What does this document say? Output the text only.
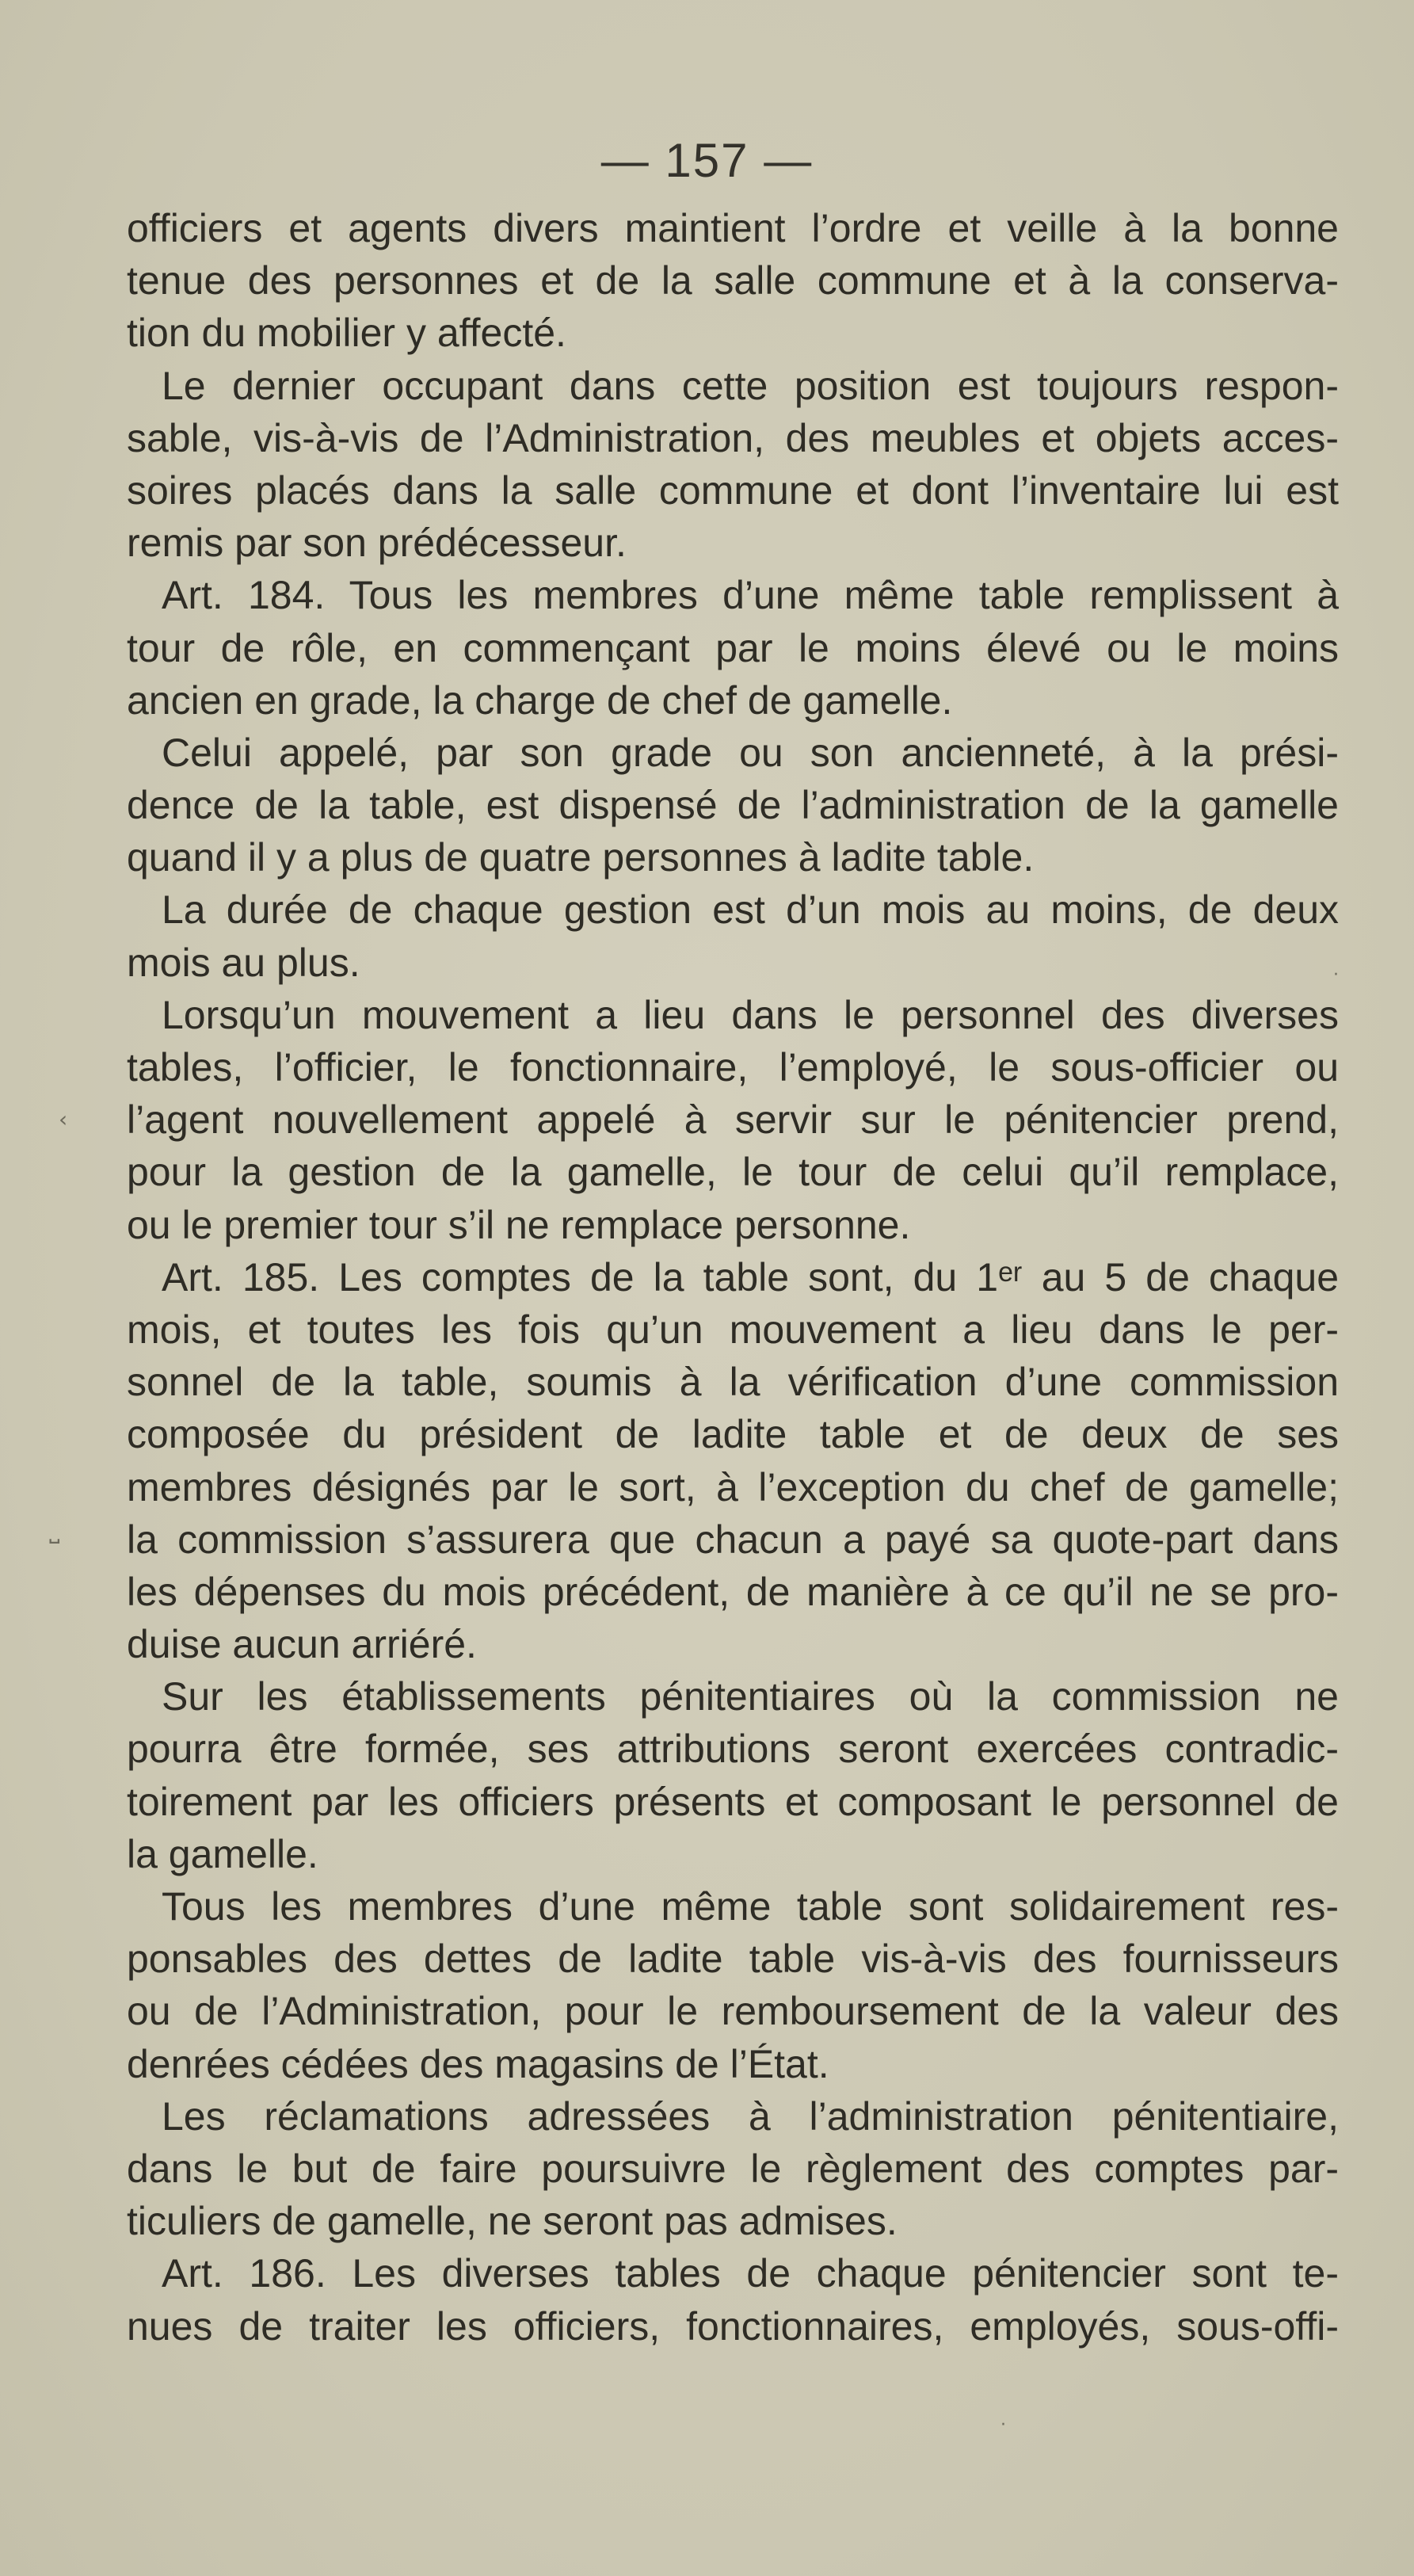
— 157 —
officiers et agents divers maintient l’ordre et veille à la bonne
tenue des personnes et de la salle commune et à la conserva-
tion du mobilier y affecté.
Le dernier occupant dans cette position est toujours respon-
sable, vis-à-vis de l’Administration, des meubles et objets acces-
soires placés dans la salle commune et dont l’inventaire lui est
remis par son prédécesseur.
Art. 184. Tous les membres d’une même table remplissent à
tour de rôle, en commençant par le moins élevé ou le moins
ancien en grade, la charge de chef de gamelle.
Celui appelé, par son grade ou son ancienneté, à la prési-
dence de la table, est dispensé de l’administration de la gamelle
quand il y a plus de quatre personnes à ladite table.
La durée de chaque gestion est d’un mois au moins, de deux
mois au plus.
Lorsqu’un mouvement a lieu dans le personnel des diverses
tables, l’officier, le fonctionnaire, l’employé, le sous-officier ou
l’agent nouvellement appelé à servir sur le pénitencier prend,
pour la gestion de la gamelle, le tour de celui qu’il remplace,
ou le premier tour s’il ne remplace personne.
Art. 185. Les comptes de la table sont, du 1ᵉʳ au 5 de chaque
mois, et toutes les fois qu’un mouvement a lieu dans le per-
sonnel de la table, soumis à la vérification d’une commission
composée du président de ladite table et de deux de ses
membres désignés par le sort, à l’exception du chef de gamelle;
la commission s’assurera que chacun a payé sa quote-part dans
les dépenses du mois précédent, de manière à ce qu’il ne se pro-
duise aucun arriéré.
Sur les établissements pénitentiaires où la commission ne
pourra être formée, ses attributions seront exercées contradic-
toirement par les officiers présents et composant le personnel de
la gamelle.
Tous les membres d’une même table sont solidairement res-
ponsables des dettes de ladite table vis-à-vis des fournisseurs
ou de l’Administration, pour le remboursement de la valeur des
denrées cédées des magasins de l’État.
Les réclamations adressées à l’administration pénitentiaire,
dans le but de faire poursuivre le règlement des comptes par-
ticuliers de gamelle, ne seront pas admises.
Art. 186. Les diverses tables de chaque pénitencier sont te-
nues de traiter les officiers, fonctionnaires, employés, sous-offi-
·
‹
˽
·
